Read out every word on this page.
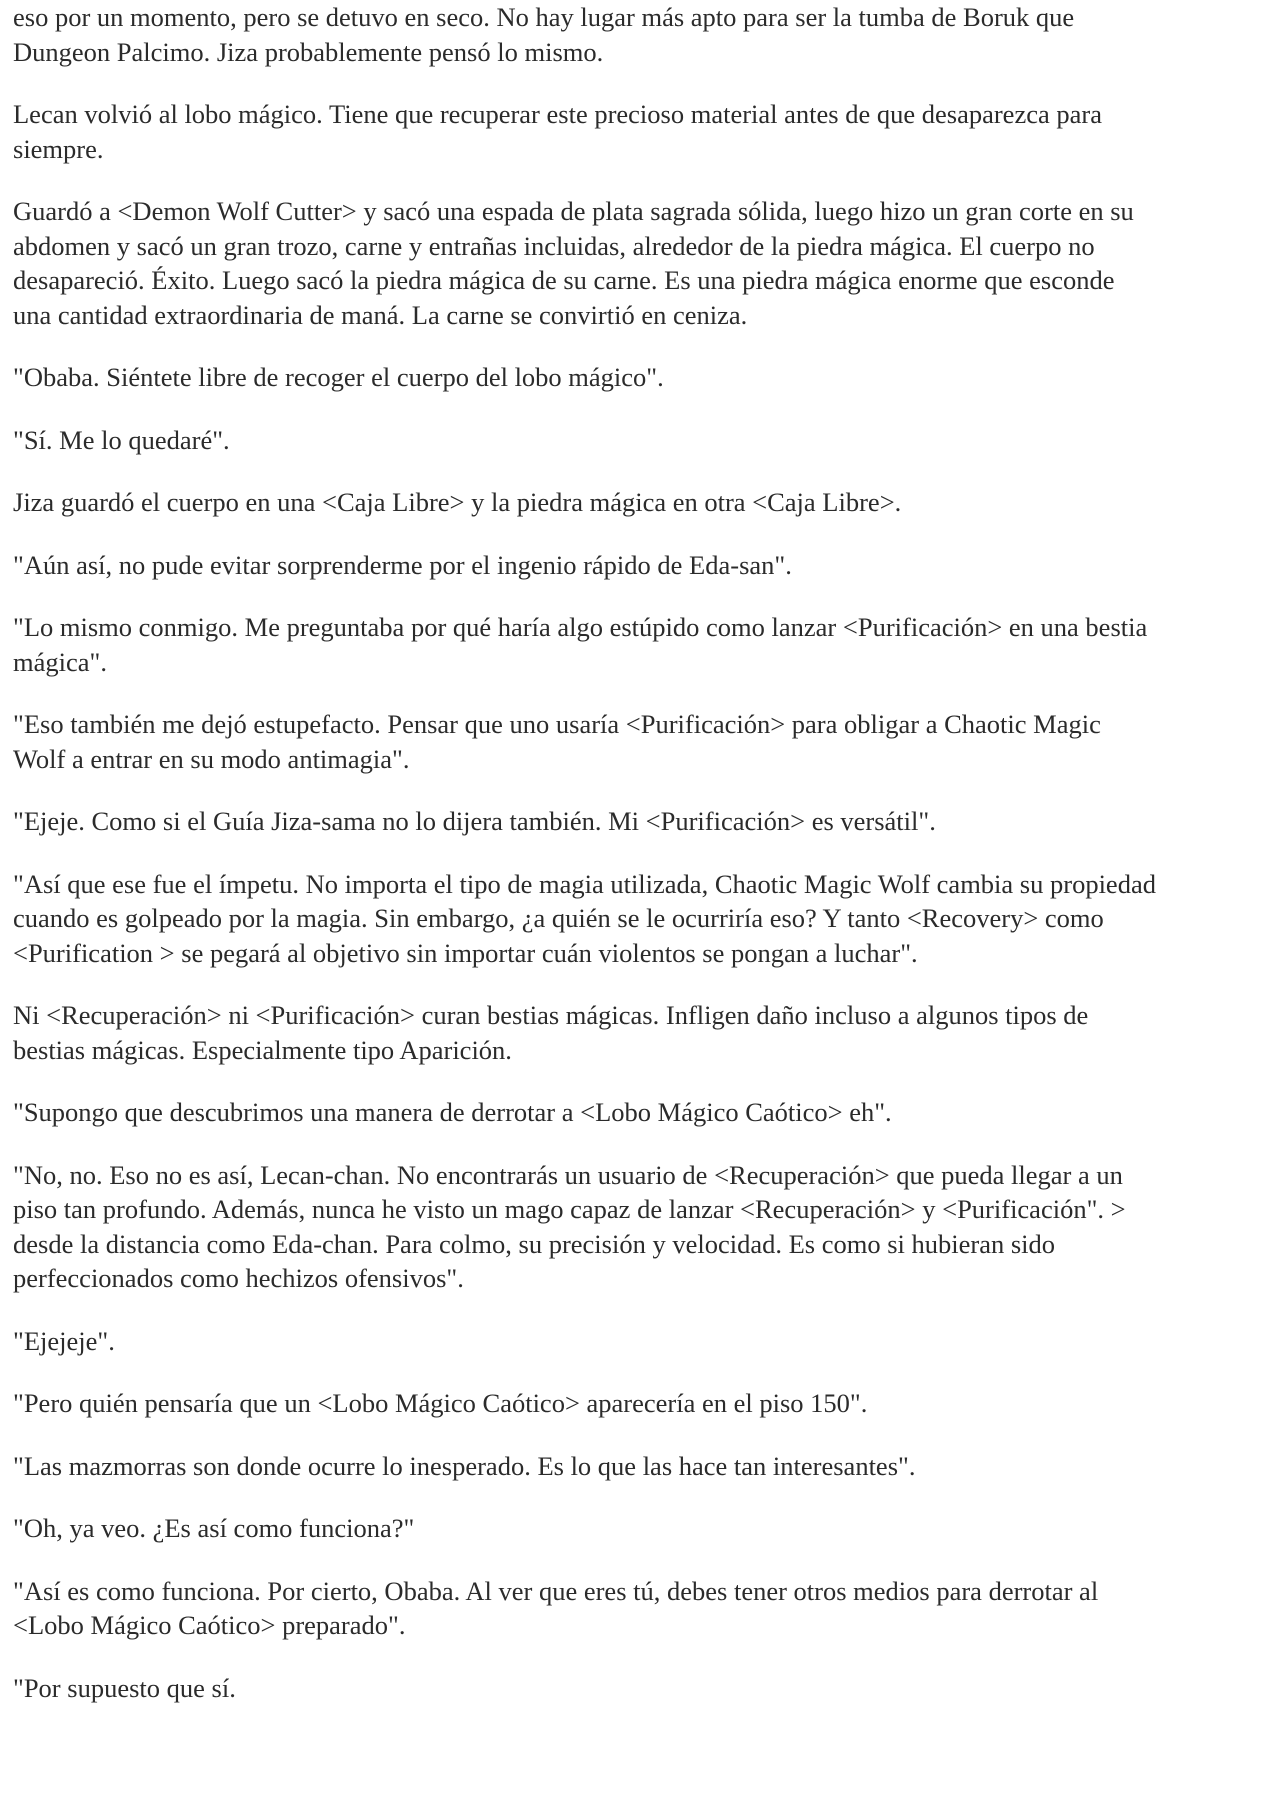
eso por un momento, pero se detuvo en seco. No hay lugar más apto para ser la tumba de Boruk que
Dungeon Palcimo. Jiza probablemente pensó lo mismo.

Lecan volvió al lobo mágico. Tiene que recuperar este precioso material antes de que desaparezca para
siempre.

Guardó a <Demon Wolf Cutter> y sacó una espada de plata sagrada sólida, luego hizo un gran corte en su
abdomen y sacó un gran trozo, carne y entrañas incluidas, alrededor de la piedra mágica. El cuerpo no
desapareció. Éxito. Luego sacó la piedra mágica de su carne. Es una piedra mágica enorme que esconde
una cantidad extraordinaria de maná. La carne se convirtió en ceniza.

"Obaba. Siéntete libre de recoger el cuerpo del lobo mágico".

"Sí. Me lo quedaré".

Jiza guardó el cuerpo en una <Caja Libre> y la piedra mágica en otra <Caja Libre>.

"Aún así, no pude evitar sorprenderme por el ingenio rápido de Eda-san".

"Lo mismo conmigo. Me preguntaba por qué haría algo estúpido como lanzar <Purificación> en una bestia
mágica".

"Eso también me dejó estupefacto. Pensar que uno usaría <Purificación> para obligar a Chaotic Magic
Wolf a entrar en su modo antimagia".

"Ejeje. Como si el Guía Jiza-sama no lo dijera también. Mi <Purificación> es versátil".

"Así que ese fue el ímpetu. No importa el tipo de magia utilizada, Chaotic Magic Wolf cambia su propiedad
cuando es golpeado por la magia. Sin embargo, ¿a quién se le ocurriría eso? Y tanto <Recovery> como
<Purification > se pegará al objetivo sin importar cuán violentos se pongan a luchar".

Ni <Recuperación> ni <Purificación> curan bestias mágicas. Infligen daño incluso a algunos tipos de
bestias mágicas. Especialmente tipo Aparición.

"Supongo que descubrimos una manera de derrotar a <Lobo Mágico Caótico> eh".

"No, no. Eso no es así, Lecan-chan. No encontrarás un usuario de <Recuperación> que pueda llegar a un
piso tan profundo. Además, nunca he visto un mago capaz de lanzar <Recuperación> y <Purificación". >
desde la distancia como Eda-chan. Para colmo, su precisión y velocidad. Es como si hubieran sido
perfeccionados como hechizos ofensivos".

"Ejejeje".

"Pero quién pensaría que un <Lobo Mágico Caótico> aparecería en el piso 150".

"Las mazmorras son donde ocurre lo inesperado. Es lo que las hace tan interesantes".

"Oh, ya veo. ¿Es así como funciona?"

"Así es como funciona. Por cierto, Obaba. Al ver que eres tú, debes tener otros medios para derrotar al
<Lobo Mágico Caótico> preparado".

"Por supuesto que sí.
